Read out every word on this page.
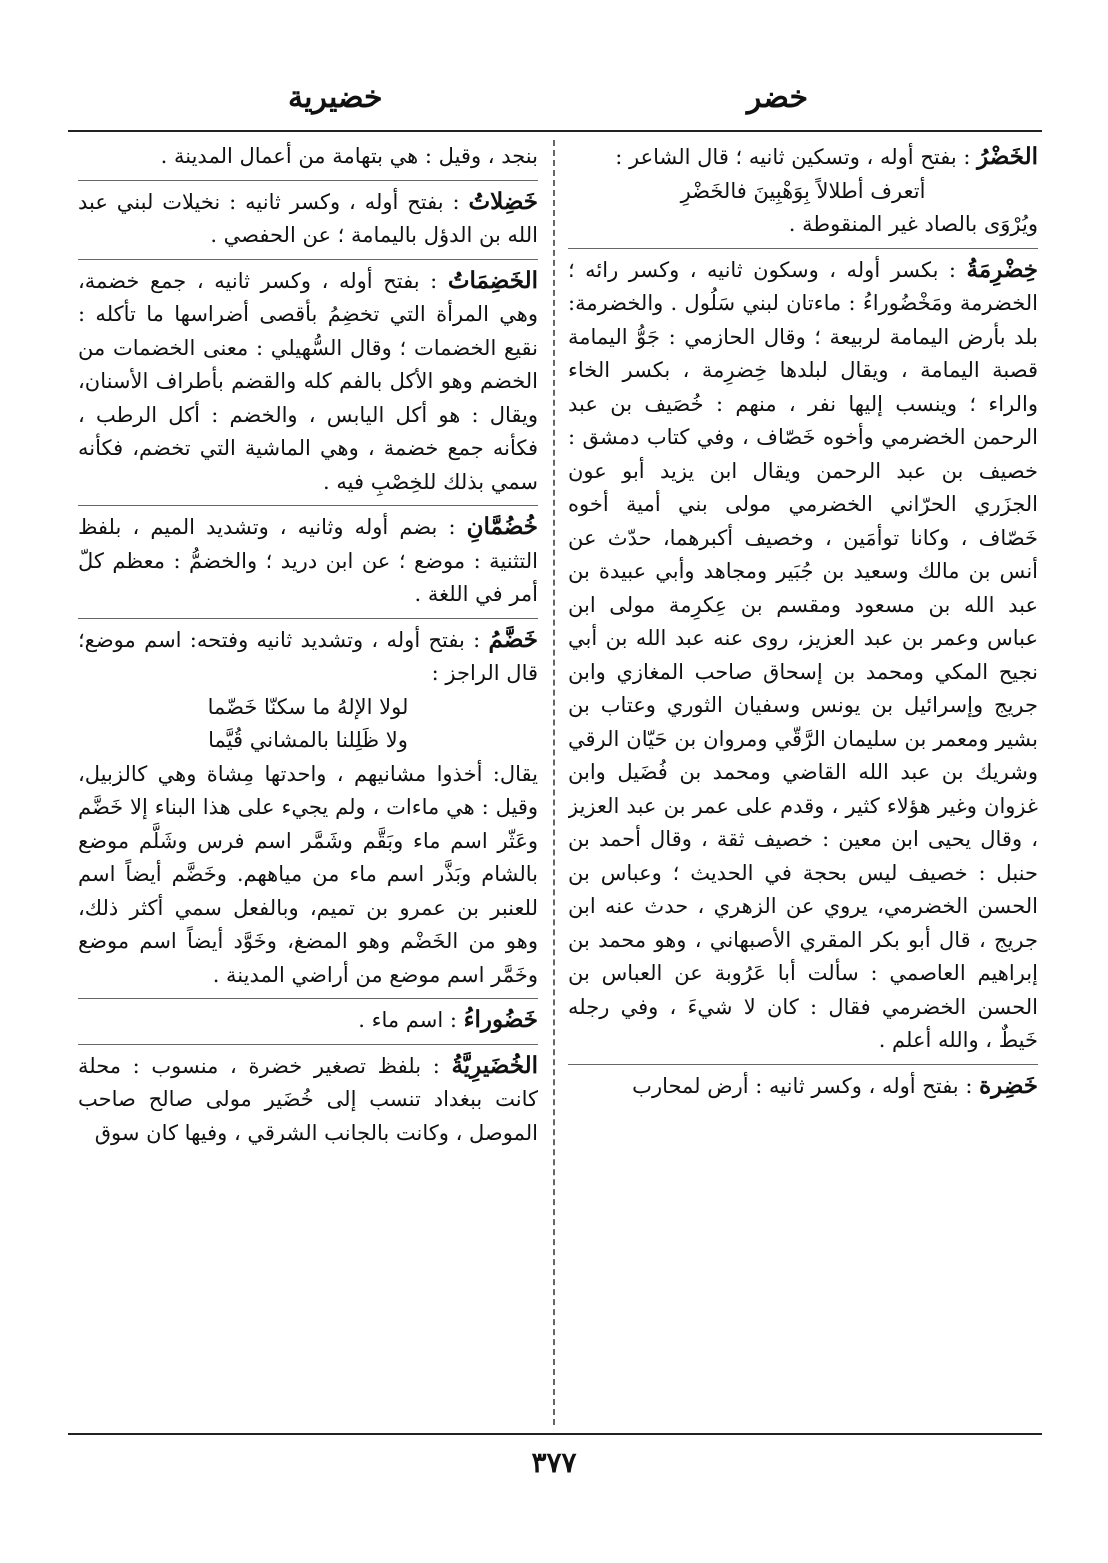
خضر
خضيرية

الخَضْرُ : بفتح أوله ، وتسكين ثانيه ؛ قال الشاعر :

أتعرف أطلالاً بِوَهْبِينَ فالخَضْرِ

ويُرْوَى بالصاد غير المنقوطة .

خِضْرِمَةُ : بكسر أوله ، وسكون ثانيه ، وكسر رائه ؛ الخضرمة ومَخْضُوراءُ : ماءتان لبني سَلُول . والخضرمة: بلد بأرض اليمامة لربيعة ؛ وقال الحازمي : جَوُّ اليمامة قصبة اليمامة ، ويقال لبلدها خِضرِمة ، بكسر الخاء والراء ؛ وينسب إليها نفر ، منهم : خُصَيف بن عبد الرحمن الخضرمي وأخوه خَصّاف ، وفي كتاب دمشق : خصيف بن عبد الرحمن ويقال ابن يزيد أبو عون الجزَري الحرّاني الخضرمي مولى بني أمية أخوه خَصّاف ، وكانا توأمَين ، وخصيف أكبرهما، حدّث عن أنس بن مالك وسعيد بن جُبَير ومجاهد وأبي عبيدة بن عبد الله بن مسعود ومقسم بن عِكرِمة مولى ابن عباس وعمر بن عبد العزيز، روى عنه عبد الله بن أبي نجيح المكي ومحمد بن إسحاق صاحب المغازي وابن جريج وإسرائيل بن يونس وسفيان الثوري وعتاب بن بشير ومعمر بن سليمان الرَّقّي ومروان بن حَيّان الرقي وشريك بن عبد الله القاضي ومحمد بن فُضَيل وابن غزوان وغير هؤلاء كثير ، وقدم على عمر بن عبد العزيز ، وقال يحيى ابن معين : خصيف ثقة ، وقال أحمد بن حنبل : خصيف ليس بحجة في الحديث ؛ وعباس بن الحسن الخضرمي، يروي عن الزهري ، حدث عنه ابن جريج ، قال أبو بكر المقري الأصبهاني ، وهو محمد بن إبراهيم العاصمي : سألت أبا عَرُوبة عن العباس بن الحسن الخضرمي فقال : كان لا شيءَ ، وفي رجله خَيطٌ ، والله أعلم .

خَضِرة : بفتح أوله ، وكسر ثانيه : أرض لمحارب

بنجد ، وقيل : هي بتهامة من أعمال المدينة .

خَضِلاتُ : بفتح أوله ، وكسر ثانيه : نخيلات لبني عبد الله بن الدؤل باليمامة ؛ عن الحفصي .

الخَضِمَاتُ : بفتح أوله ، وكسر ثانيه ، جمع خضمة، وهي المرأة التي تخضِمُ بأقصى أضراسها ما تأكله : نقيع الخضمات ؛ وقال السُّهيلي : معنى الخضمات من الخضم وهو الأكل بالفم كله والقضم بأطراف الأسنان، ويقال : هو أكل اليابس ، والخضم : أكل الرطب ، فكأنه جمع خضمة ، وهي الماشية التي تخضم، فكأنه سمي بذلك للخِصْبِ فيه .

خُضُمَّانِ : بضم أوله وثانيه ، وتشديد الميم ، بلفظ التثنية : موضع ؛ عن ابن دريد ؛ والخضمُّ : معظم كلّ أمر في اللغة .

خَضَّمُ : بفتح أوله ، وتشديد ثانيه وفتحه: اسم موضع؛ قال الراجز :

لولا الإلهُ ما سكنّا خَضّما

ولا ظَلِلنا بالمشاني قُيَّما

يقال: أخذوا مشانيهم ، واحدتها مِشاة وهي كالزبيل، وقيل : هي ماءات ، ولم يجيء على هذا البناء إلا خَضَّم وعَثّر اسم ماء وبَقَّم وشَمَّر اسم فرس وشَلَّم موضع بالشام وبَذَّر اسم ماء من مياههم. وخَضَّم أيضاً اسم للعنبر بن عمرو بن تميم، وبالفعل سمي أكثر ذلك، وهو من الخَضْم وهو المضغ، وخَوَّد أيضاً اسم موضع وخَمَّر اسم موضع من أراضي المدينة .

خَضُوراءُ : اسم ماء .

الخُضَيرِيَّةُ : بلفظ تصغير خضرة ، منسوب : محلة كانت ببغداد تنسب إلى خُضَير مولى صالح صاحب الموصل ، وكانت بالجانب الشرقي ، وفيها كان سوق

٣٧٧
